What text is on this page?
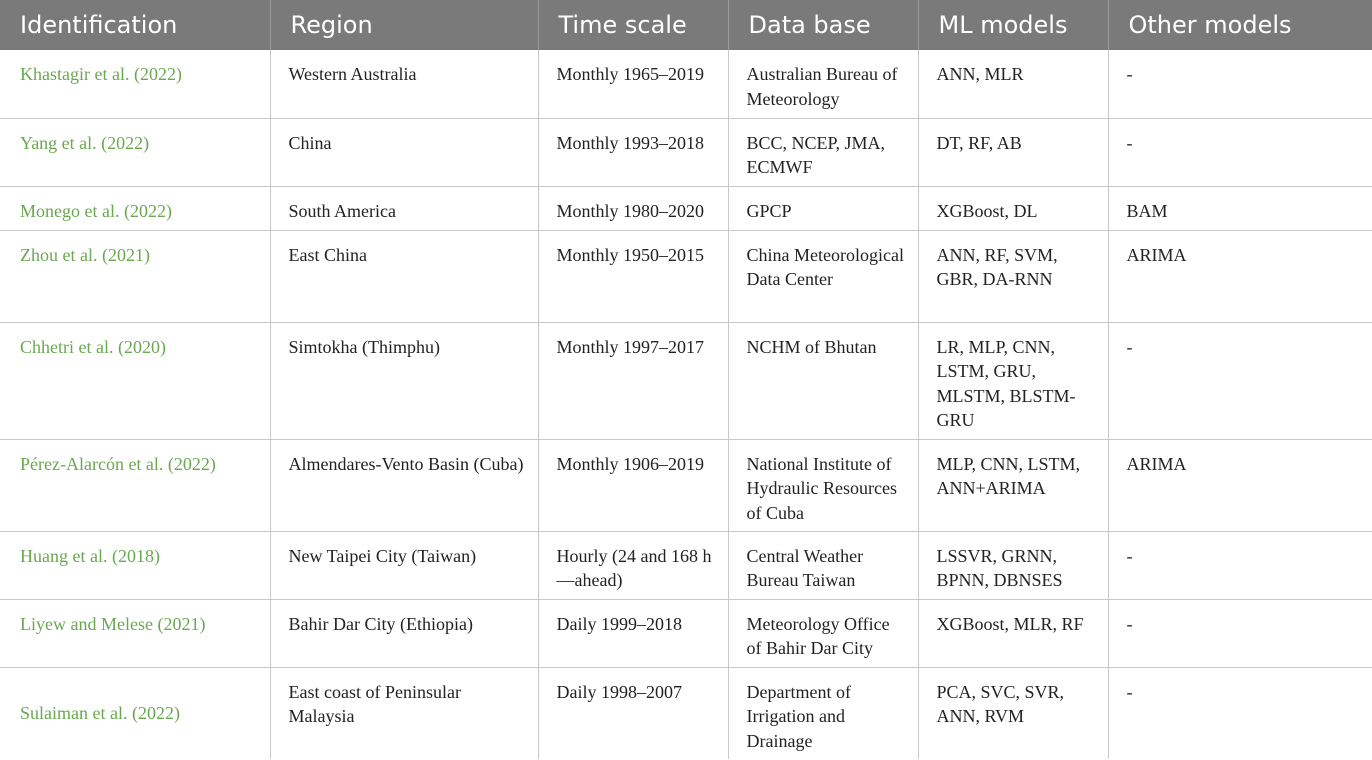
Identification	Region	Time scale	Data base	ML models	Other models
Khastagir et al. (2022)	Western Australia	Monthly 1965–2019	Australian Bureau of Meteorology	ANN, MLR	-
Yang et al. (2022)	China	Monthly 1993–2018	BCC, NCEP, JMA, ECMWF	DT, RF, AB	-
Monego et al. (2022)	South America	Monthly 1980–2020	GPCP	XGBoost, DL	BAM
Zhou et al. (2021)	East China	Monthly 1950–2015	China Meteorological Data Center	ANN, RF, SVM, GBR, DA-RNN	ARIMA
Chhetri et al. (2020)	Simtokha (Thimphu)	Monthly 1997–2017	NCHM of Bhutan	LR, MLP, CNN, LSTM, GRU, MLSTM, BLSTM-GRU	-
Pérez-Alarcón et al. (2022)	Almendares-Vento Basin (Cuba)	Monthly 1906–2019	National Institute of Hydraulic Resources of Cuba	MLP, CNN, LSTM, ANN+ARIMA	ARIMA
Huang et al. (2018)	New Taipei City (Taiwan)	Hourly (24 and 168 h—ahead)	Central Weather Bureau Taiwan	LSSVR, GRNN, BPNN, DBNSES	-
Liyew and Melese (2021)	Bahir Dar City (Ethiopia)	Daily 1999–2018	Meteorology Office of Bahir Dar City	XGBoost, MLR, RF	-
Sulaiman et al. (2022)	East coast of Peninsular Malaysia	Daily 1998–2007	Department of Irrigation and Drainage	PCA, SVC, SVR, ANN, RVM	-
